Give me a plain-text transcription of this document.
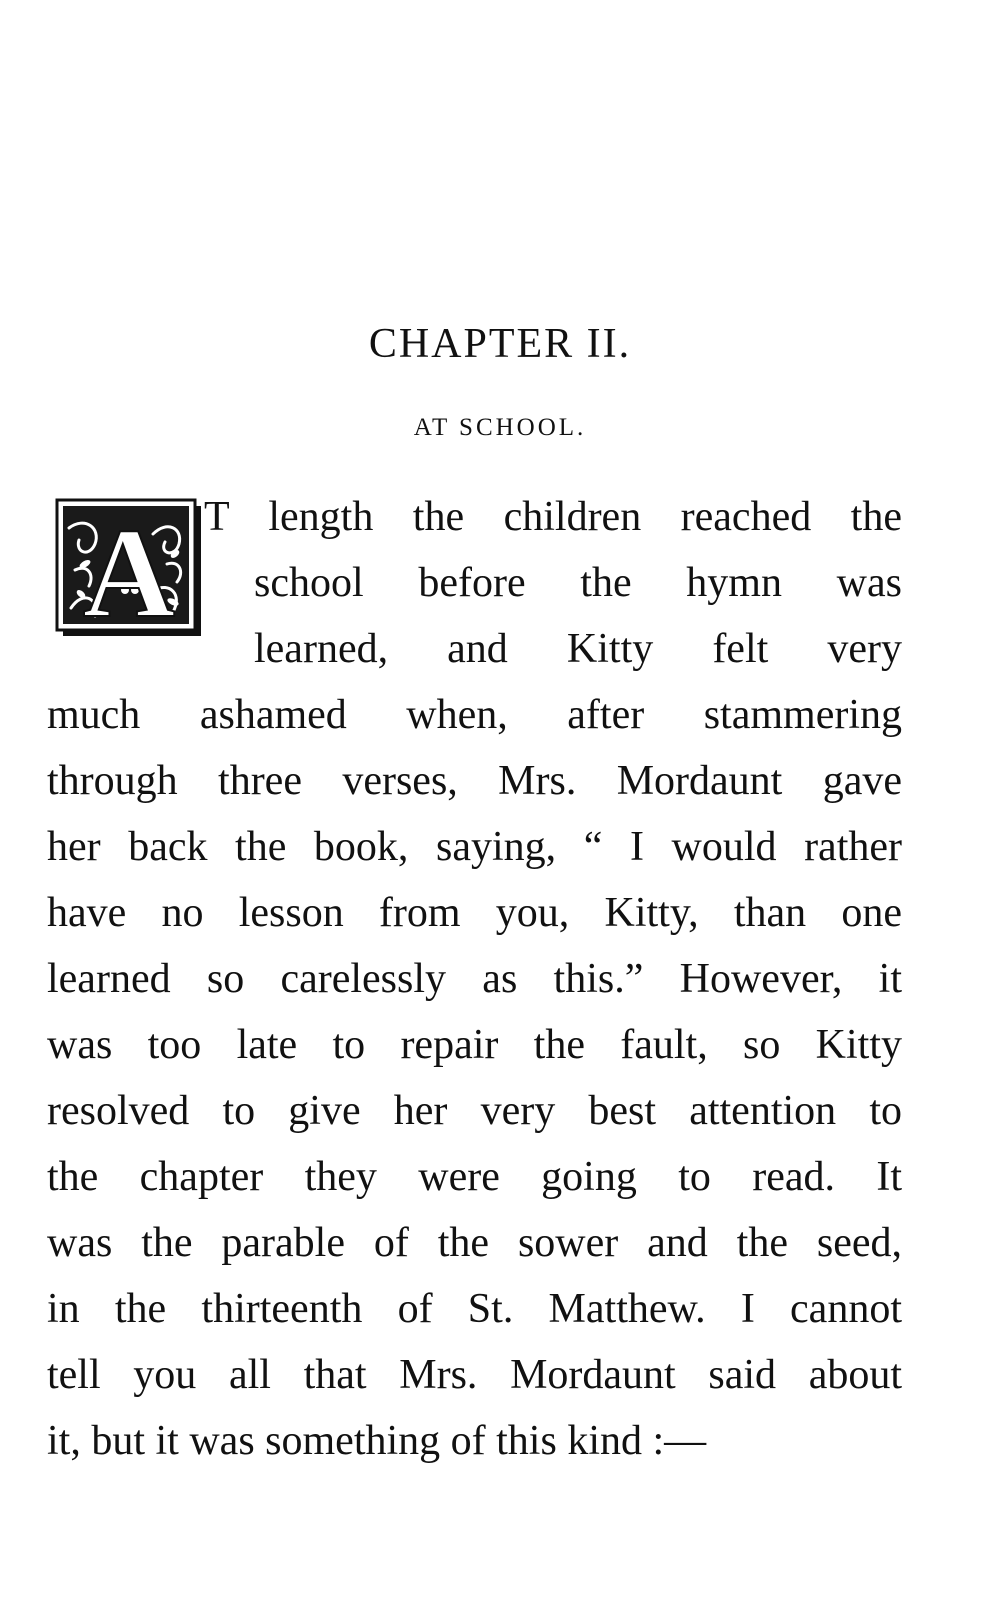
CHAPTER II.
AT SCHOOL.
A T length the children reached the

school before the hymn was

learned, and Kitty felt very

much ashamed when, after stammering

through three verses, Mrs. Mordaunt gave

her back the book, saying, “ I would rather

have no lesson from you, Kitty, than one

learned so carelessly as this.” However, it

was too late to repair the fault, so Kitty

resolved to give her very best attention to

the chapter they were going to read. It

was the parable of the sower and the seed,

in the thirteenth of St. Matthew. I cannot

tell you all that Mrs. Mordaunt said about

it, but it was something of this kind :—
